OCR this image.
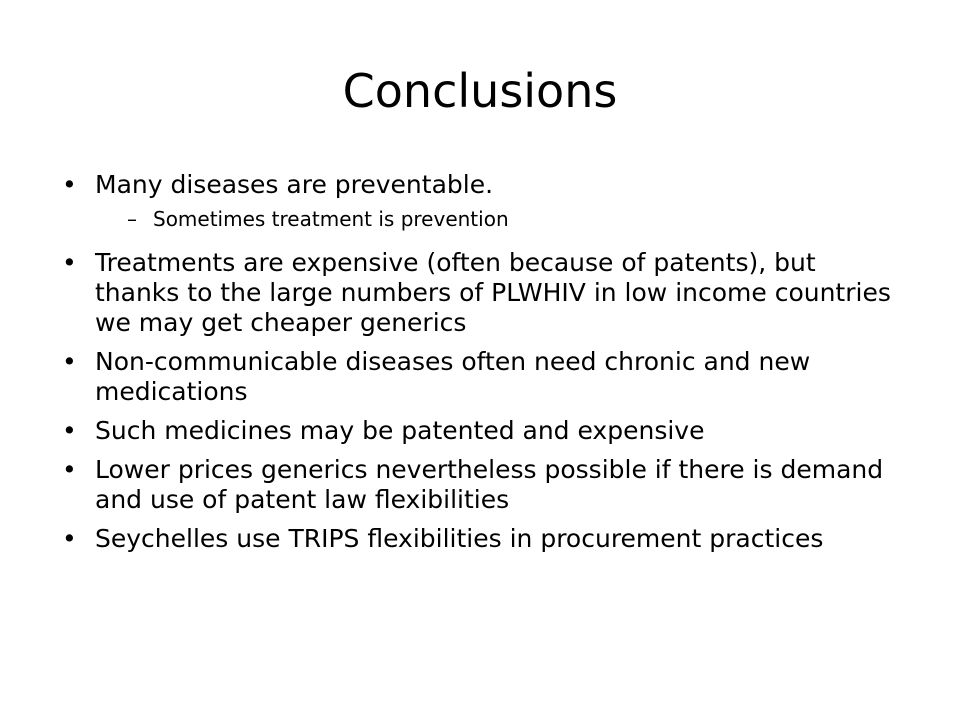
Conclusions
• Many diseases are preventable.
– Sometimes treatment is prevention
• Treatments are expensive (often because of patents), but thanks to the large numbers of PLWHIV in low income countries we may get cheaper generics
• Non-communicable diseases often need chronic and new medications
• Such medicines may be patented and expensive
• Lower prices generics nevertheless possible if there is demand and use of patent law flexibilities
• Seychelles use TRIPS flexibilities in procurement practices
